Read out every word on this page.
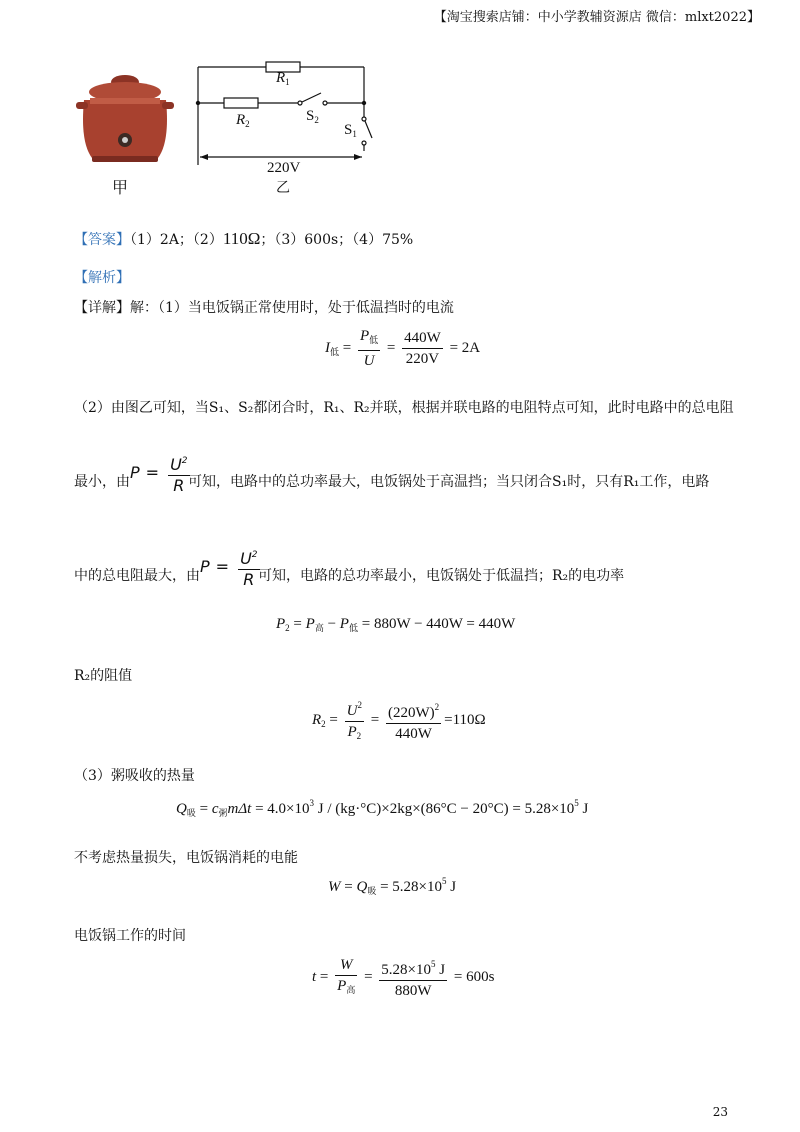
【淘宝搜索店铺：中小学教辅资源店 微信：mlxt2022】
甲
$R_1$
$R_2$	$S_2$
$S_1$
220V
乙
【答案】（1）2A；（2）110Ω；（3）600s；（4）75%
【解析】
【详解】解：（1）当电饭锅正常使用时，处于低温挡时的电流
$I_低 = \frac{P_低}{U} = \frac{440W}{220V} = 2A$
（2）由图乙可知，当S₁、S₂都闭合时，R₁、R₂并联，根据并联电路的电阻特点可知，此时电路中的总电阻
最小，由 $P = \frac{U^2}{R}$
可知，电路中的总功率最大，电饭锅处于高温挡；当只闭合S₁时，只有R₁工作，电路
中的总电阻最大，由 $P = \frac{U^2}{R}$
可知，电路的总功率最小，电饭锅处于低温挡；R₂的电功率
$P_2 = P_高 - P_低 = 880W - 440W = 440W$
R₂的阻值
$R_2 = \frac{U^2}{P_2} = \frac{(220W)^2}{440W} =110\Omega$
（3）粥吸收的热量
$Q_吸 = c_粥m\Delta t = 4.0\times 10^3$ $J / (kg\cdot^\circ C)\times 2kg\times(86^\circ C - 20^\circ C) = 5.28\times 10^5$ J
不考虑热量损失，电饭锅消耗的电能
$W = Q_吸 = 5.28\times 10^5$ J
电饭锅工作的时间
$t = \frac{W}{P_高} = \frac{5.28\times 10^5 J}{880W} = 600s$
23
